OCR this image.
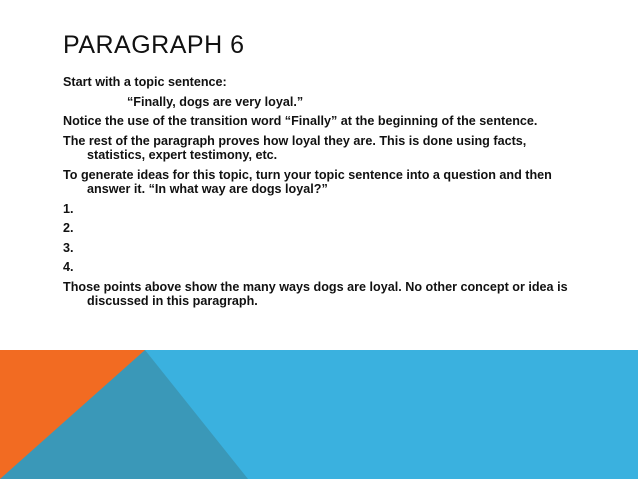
PARAGRAPH 6

Start with a topic sentence:

“Finally, dogs are very loyal.”

Notice the use of the transition word “Finally” at the beginning of the sentence.

The rest of the paragraph proves how loyal they are. This is done using facts, statistics, expert testimony, etc.

To generate ideas for this topic, turn your topic sentence into a question and then answer it. “In what way are dogs loyal?”

1.

2.

3.

4.

Those points above show the many ways dogs are loyal. No other concept or idea is discussed in this paragraph.
